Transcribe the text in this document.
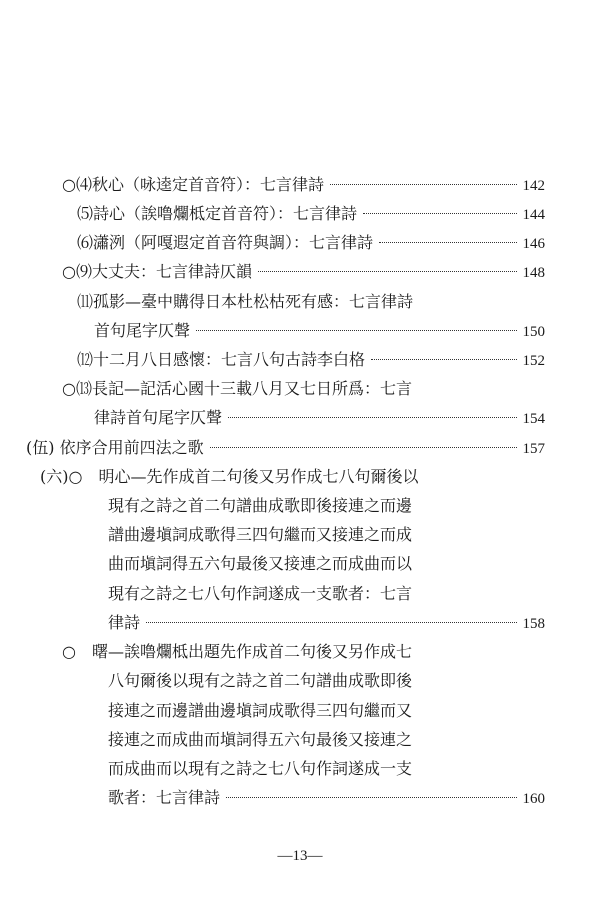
○⑷秋心（咏逵定首音符）：七言律詩	142
⑸詩心（誒噜爛柢定首音符）：七言律詩	144
⑹瀟洌（阿嘎遐定首音符與調）：七言律詩	146
○⑼大丈夫：七言律詩仄韻	148
⑾孤影—臺中購得日本杜松枯死有感：七言律詩
首句尾字仄聲	150
⑿十二月八日感懷：七言八句古詩李白格	152
○⒀長記—記活心國十三載八月又七日所爲：七言
律詩首句尾字仄聲	154
(伍) 依序合用前四法之歌	157
(六)○　明心—先作成首二句後又另作成七八句爾後以
現有之詩之首二句譜曲成歌即後接連之而邊
譜曲邊塡詞成歌得三四句繼而又接連之而成
曲而塡詞得五六句最後又接連之而成曲而以
現有之詩之七八句作詞遂成一支歌者：七言
律詩	158
○　曙—誒噜爛柢出題先作成首二句後又另作成七
八句爾後以現有之詩之首二句譜曲成歌即後
接連之而邊譜曲邊塡詞成歌得三四句繼而又
接連之而成曲而塡詞得五六句最後又接連之
而成曲而以現有之詩之七八句作詞遂成一支
歌者：七言律詩	160
—13—
